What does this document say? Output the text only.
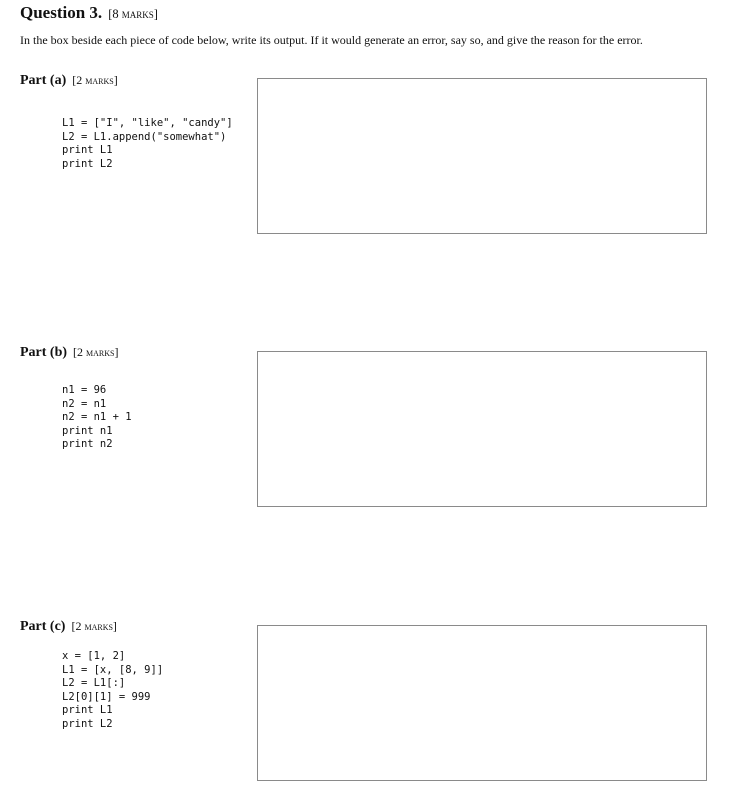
Question 3. [8 marks]
In the box beside each piece of code below, write its output. If it would generate an error, say so, and give the reason for the error.
Part (a) [2 marks]
L1 = ["I", "like", "candy"]
L2 = L1.append("somewhat")
print L1
print L2
Part (b) [2 marks]
n1 = 96
n2 = n1
n2 = n1 + 1
print n1
print n2
Part (c) [2 marks]
x = [1, 2]
L1 = [x, [8, 9]]
L2 = L1[:]
L2[0][1] = 999
print L1
print L2
